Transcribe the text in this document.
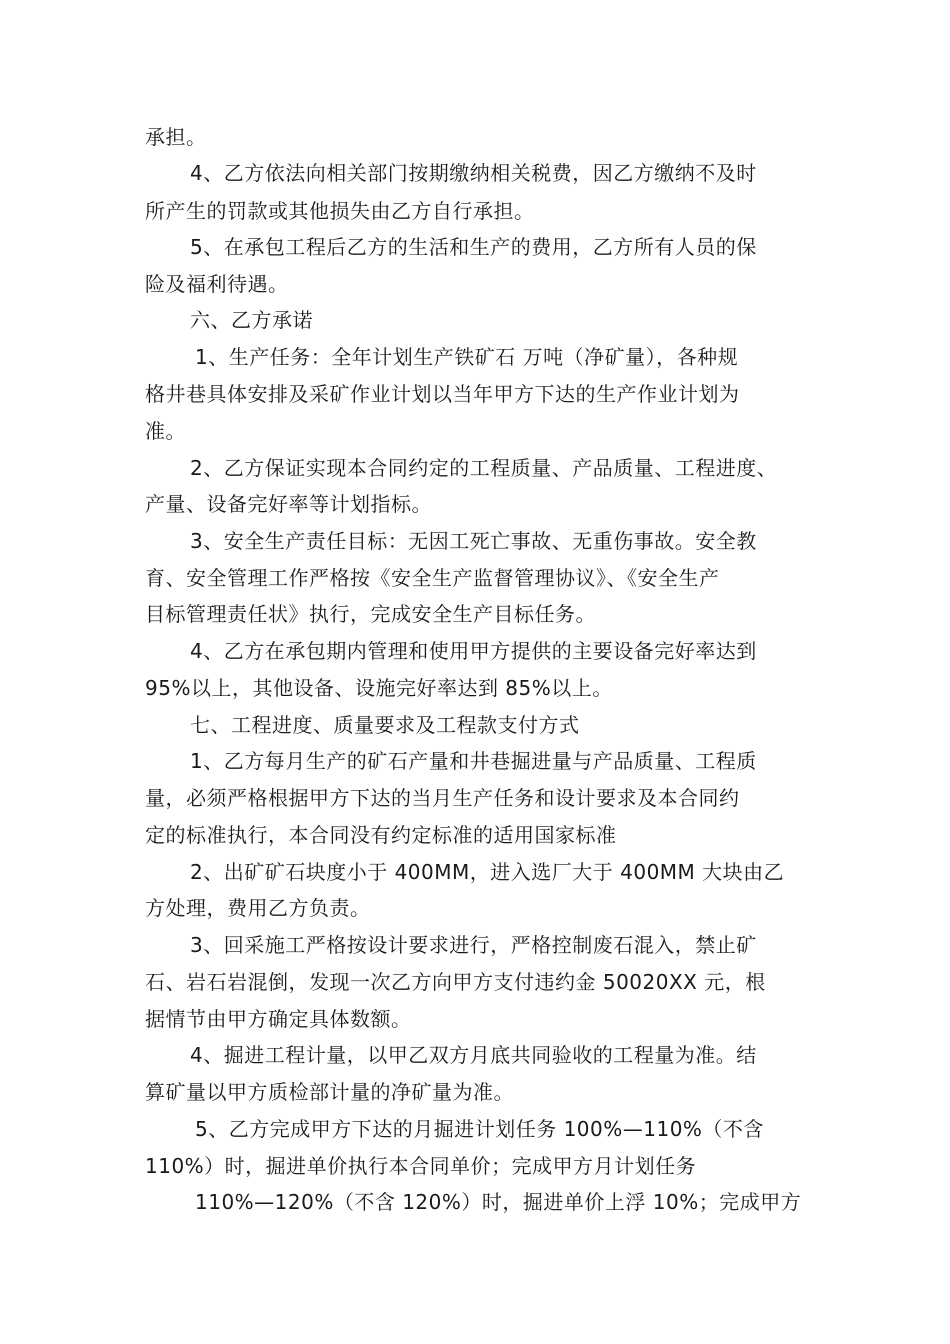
承担。
4、乙方依法向相关部门按期缴纳相关税费，因乙方缴纳不及时
所产生的罚款或其他损失由乙方自行承担。
5、在承包工程后乙方的生活和生产的费用，乙方所有人员的保
险及福利待遇。
六、乙方承诺
1、生产任务：全年计划生产铁矿石 万吨（净矿量），各种规
格井巷具体安排及采矿作业计划以当年甲方下达的生产作业计划为
准。
2、乙方保证实现本合同约定的工程质量、产品质量、工程进度、
产量、设备完好率等计划指标。
3、安全生产责任目标：无因工死亡事故、无重伤事故。安全教
育、安全管理工作严格按《安全生产监督管理协议》、《安全生产
目标管理责任状》执行，完成安全生产目标任务。
4、乙方在承包期内管理和使用甲方提供的主要设备完好率达到
95%以上，其他设备、设施完好率达到 85%以上。
七、工程进度、质量要求及工程款支付方式
1、乙方每月生产的矿石产量和井巷掘进量与产品质量、工程质
量，必须严格根据甲方下达的当月生产任务和设计要求及本合同约
定的标准执行，本合同没有约定标准的适用国家标准
2、出矿矿石块度小于 400MM，进入选厂大于 400MM 大块由乙
方处理，费用乙方负责。
3、回采施工严格按设计要求进行，严格控制废石混入，禁止矿
石、岩石岩混倒，发现一次乙方向甲方支付违约金 50020XX 元，根
据情节由甲方确定具体数额。
4、掘进工程计量，以甲乙双方月底共同验收的工程量为准。结
算矿量以甲方质检部计量的净矿量为准。
5、乙方完成甲方下达的月掘进计划任务 100%—110%（不含
110%）时，掘进单价执行本合同单价；完成甲方月计划任务
110%—120%（不含 120%）时，掘进单价上浮 10%；完成甲方
